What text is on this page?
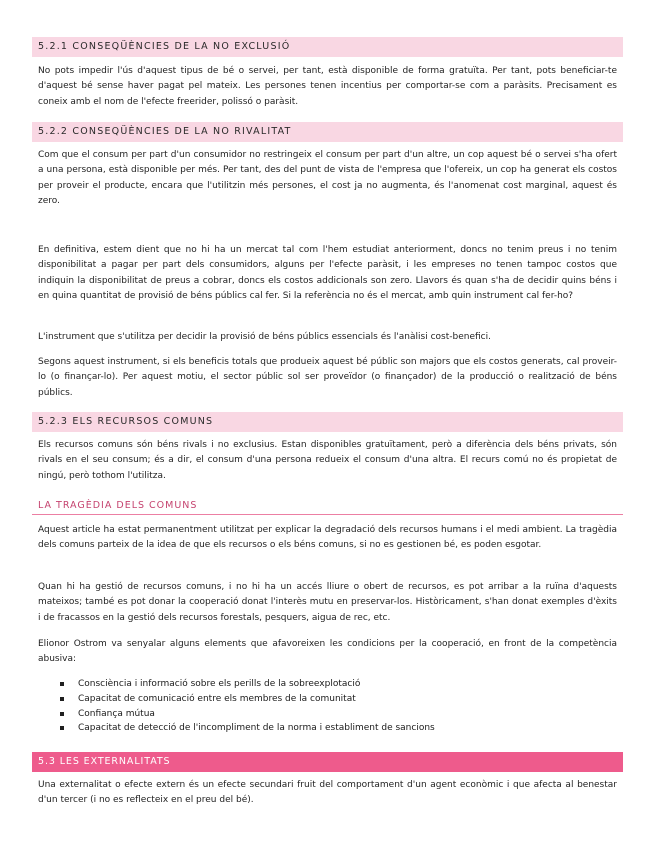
5.2.1 CONSEQÜÈNCIES DE LA NO EXCLUSIÓ

No pots impedir l'ús d'aquest tipus de bé o servei, per tant, està disponible de forma gratuïta. Per tant, pots beneficiar-te d'aquest bé sense haver pagat pel mateix. Les persones tenen incentius per comportar-se com a paràsits. Precisament es coneix amb el nom de l'efecte freerider, polissó o paràsit.

5.2.2 CONSEQÜÈNCIES DE LA NO RIVALITAT

Com que el consum per part d'un consumidor no restringeix el consum per part d'un altre, un cop aquest bé o servei s'ha ofert a una persona, està disponible per més. Per tant, des del punt de vista de l'empresa que l'ofereix, un cop ha generat els costos per proveir el producte, encara que l'utilitzin més persones, el cost ja no augmenta, és l'anomenat cost marginal, aquest és zero.

En definitiva, estem dient que no hi ha un mercat tal com l'hem estudiat anteriorment, doncs no tenim preus i no tenim disponibilitat a pagar per part dels consumidors, alguns per l'efecte paràsit, i les empreses no tenen tampoc costos que indiquin la disponibilitat de preus a cobrar, doncs els costos addicionals son zero. Llavors és quan s'ha de decidir quins béns i en quina quantitat de provisió de béns públics cal fer. Si la referència no és el mercat, amb quin instrument cal fer-ho?

L'instrument que s'utilitza per decidir la provisió de béns públics essencials és l'anàlisi cost-benefici.

Segons aquest instrument, si els beneficis totals que produeix aquest bé públic son majors que els costos generats, cal proveir-lo (o finançar-lo). Per aquest motiu, el sector públic sol ser proveïdor (o finançador) de la producció o realització de béns públics.

5.2.3 ELS RECURSOS COMUNS

Els recursos comuns són béns rivals i no exclusius. Estan disponibles gratuïtament, però a diferència dels béns privats, són rivals en el seu consum; és a dir, el consum d'una persona redueix el consum d'una altra. El recurs comú no és propietat de ningú, però tothom l'utilitza.

LA TRAGÈDIA DELS COMUNS

Aquest article ha estat permanentment utilitzat per explicar la degradació dels recursos humans i el medi ambient. La tragèdia dels comuns parteix de la idea de que els recursos o els béns comuns, si no es gestionen bé, es poden esgotar.

Quan hi ha gestió de recursos comuns, i no hi ha un accés lliure o obert de recursos, es pot arribar a la ruïna d'aquests mateixos; també es pot donar la cooperació donat l'interès mutu en preservar-los. Històricament, s'han donat exemples d'èxits i de fracassos en la gestió dels recursos forestals, pesquers, aigua de rec, etc.

Elionor Ostrom va senyalar alguns elements que afavoreixen les condicions per la cooperació, en front de la competència abusiva:

Consciència i informació sobre els perills de la sobreexplotació
Capacitat de comunicació entre els membres de la comunitat
Confiança mútua
Capacitat de detecció de l'incompliment de la norma i establiment de sancions
5.3 LES EXTERNALITATS

Una externalitat o efecte extern és un efecte secundari fruit del comportament d'un agent econòmic i que afecta al benestar d'un tercer (i no es reflecteix en el preu del bé).
